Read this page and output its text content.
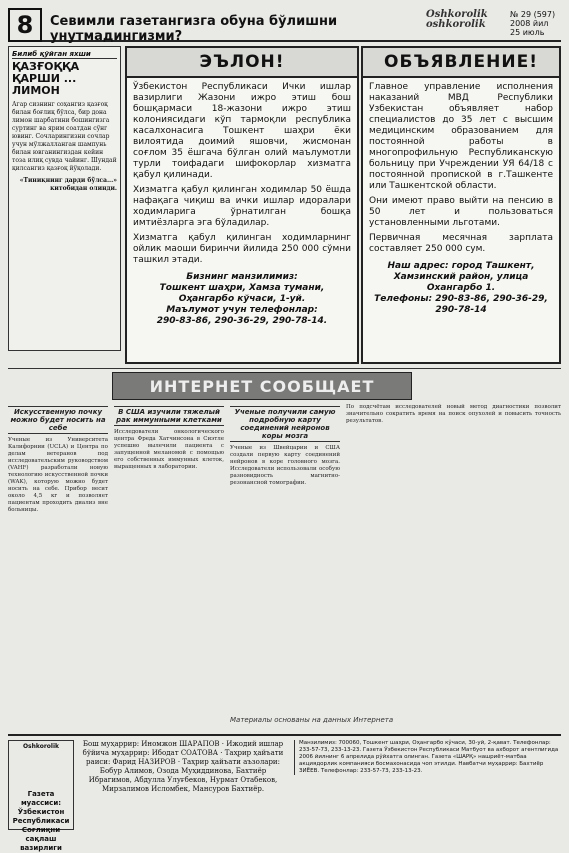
8	Севимли газетангизга обуна бўлишни унутмадингизми?
Oshkorolik
oshkorolik
№ 29 (597)
2008 йил
25 июль
Билиб қўйган яхши
ҚАЗҒОҚҚА ҚАРШИ ... ЛИМОН
Агар сизнинг соҳангиз қазғоқ билан боғлиқ бўлса, бир дона лимон шарбатини бошингизга суртинг ва ярим соатдан сўнг ювинг. Сочларингизни сочлар учун мўлжалланган шампунь билан ювганингиздан кейин тоза илиқ сувда чайинг. Шундай қилсангиз қазғоқ йўқолади.
«Тиниқнинг дарди бўлса...» китобидан олинди.
ЭЪЛОН!

Ўзбекистон Республикаси Ички ишлар вазирлиги Жазони ижро этиш бош бошқармаси 18-жазони ижро этиш колониясидаги кўп тармоқли республика касалхонасига Тошкент шаҳри ёки вилоятида доимий яшовчи, жисмонан соғлом 35 ёшгача бўлган олий маълумотли турли тоифадаги шифокорлар хизматга қабул қилинади.

Хизматга қабул қилинган ходимлар 50 ёшда нафақага чиқиш ва ички ишлар идоралари ходимларига ўрнатилган бошқа имтиёзларга эга бўладилар.

Хизматга қабул қилинган ходимларнинг ойлик маоши биринчи йилида 250 000 сўмни ташкил этади.

Бизнинг манзилимиз:
Тошкент шаҳри, Хамза тумани, Оҳангарбо кўчаси, 1-уй.
Маълумот учун телефонлар:
290-83-86, 290-36-29, 290-78-14.
ОБЪЯВЛЕНИЕ!

Главное управление исполнения наказаний МВД Республики Узбекистан объявляет набор специалистов до 35 лет с высшим медицинским образованием для постоянной работы в многопрофильную Республиканскую больницу при Учреждении УЯ 64/18 с постоянной пропиской в г.Ташкенте или Ташкентской области.

Они имеют право выйти на пенсию в 50 лет и пользоваться установленными льготами.

Первичная месячная зарплата составляет 250 000 сум.

Наш адрес: город Ташкент, Хамзинский район, улица Охангарбо 1.
Телефоны: 290-83-86, 290-36-29, 290-78-14
ИНТЕРНЕТ СООБЩАЕТ
Искусственную почку можно будет носить на себе
Ученые из Университета Калифорнии (UCLA) и Центра по делам ветеранов под исследовательским руководством (VAHF) разработали новую технологию искусственной почки (WAK), которую можно будет носить на себе. Прибор весит около 4,5 кг и позволяет пациентам проходить диализ вне больницы.
В США изучили тяжелый рак иммунными клетками
Исследователи онкологического центра Фреда Хатчинсона в Сиэтле успешно вылечили пациента с запущенной меланомой с помощью его собственных иммунных клеток, выращенных в лаборатории.
Ученые получили самую подробную карту соединений нейронов коры мозга
Ученые из Швейцарии и США создали первую карту соединений нейронов в коре головного мозга. Исследователи использовали особую разновидность магнитно-резонансной томографии.
По подсчётам исследователей новый метод диагностики позволит значительно сократить время на поиск опухолей и повысить точность результатов.
Материалы основаны на данных Интернета
Oshkorolik	Бош муҳаррир: Иномжон ШАРАПОВ · Ижодий ишлар бўйича муҳаррир: Ибодат СОАТОВА · Таҳрир ҳайъати раиси: Фарид НАЗИРОВ · Таҳрир ҳайъати аъзолари: Бобур Алимов, Озода Муҳиддинова, Бахтиёр Ибрагимов, Абдулла Улуғбеков, Нурмат Отабеков, Мирзалимов Исломбек, Мансуров Бахтиёр.
Манзилимиз: 700060, Тошкент шаҳри, Оҳангарбо кўчаси, 30-уй, 2-қават. Телефонлар: 233-57-73, 233-13-23. Газета Ўзбекистон Республикаси Матбуот ва ахборот агентлигида 2006 йилнинг 6 апрелида рўйхатга олинган. Газета «ШАРҚ» нашриёт-матбаа акциядорлик компанияси босмахонасида чоп этилди. Навбатчи муҳаррир: Бахтиёр ЗИЁЕВ. Телефонлар: 233-57-73, 233-13-23.
Газета муассиси: Ўзбекистон Республикаси Соғлиқни сақлаш вазирлиги
